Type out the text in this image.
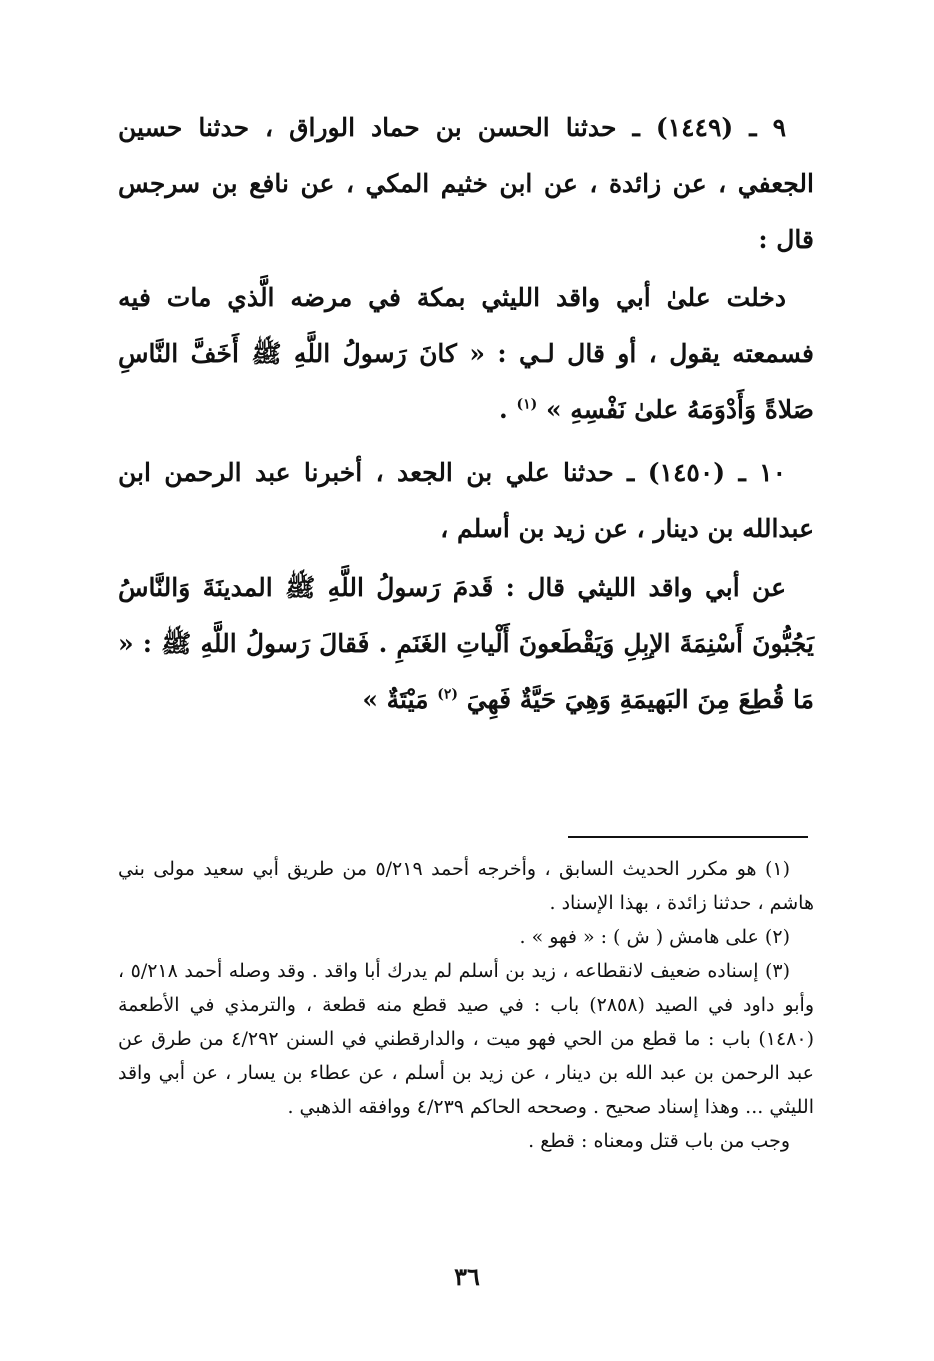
٩ ـ (١٤٤٩) ـ حدثنا الحسن بن حماد الوراق ، حدثنا حسين الجعفي ، عن زائدة ، عن ابن خثيم المكي ، عن نافع بن سرجس قال :

دخلت علىٰ أبي واقد الليثي بمكة في مرضه الَّذي مات فيه فسمعته يقول ، أو قال لـي : « كانَ رَسولُ اللَّهِ ﷺ أَخَفَّ النَّاسِ صَلاةً وَأَدْوَمَهُ علىٰ نَفْسِهِ » $^{(١)}$ .

١٠ ـ (١٤٥٠) ـ حدثنا علي بن الجعد ، أخبرنا عبد الرحمن ابن عبدالله بن دينار ، عن زيد بن أسلم ،

عن أبي واقد الليثي قال : قَدمَ رَسولُ اللَّهِ ﷺ المدينَةَ وَالنَّاسُ يَجُبُّونَ أَسْنِمَةَ الإبِلِ وَيَقْطَعونَ أَلْياتِ الغَنَمِ . فَقالَ رَسولُ اللَّهِ ﷺ : « مَا قُطِعَ مِنَ البَهيمَةِ وَهِيَ حَيَّةٌ فَهِيَ $^{(٢)}$ مَيْتَةٌ »

(١) هو مكرر الحديث السابق ، وأخرجه أحمد ٥/٢١٩ من طريق أبي سعيد مولى بني هاشم ، حدثنا زائدة ، بهذا الإسناد .

(٢) على هامش ( ش ) : « فهو » .

(٣) إسناده ضعيف لانقطاعه ، زيد بن أسلم لم يدرك أبا واقد . وقد وصله أحمد ٥/٢١٨ ، وأبو داود في الصيد (٢٨٥٨) باب : في صيد قطع منه قطعة ، والترمذي في الأطعمة (١٤٨٠) باب : ما قطع من الحي فهو ميت ، والدارقطني في السنن ٤/٢٩٢ من طرق عن عبد الرحمن بن عبد الله بن دينار ، عن زيد بن أسلم ، عن عطاء بن يسار ، عن أبي واقد الليثي ... وهذا إسناد صحيح . وصححه الحاكم ٤/٢٣٩ ووافقه الذهبي .

وجب من باب قتل ومعناه : قطع .

٣٦
